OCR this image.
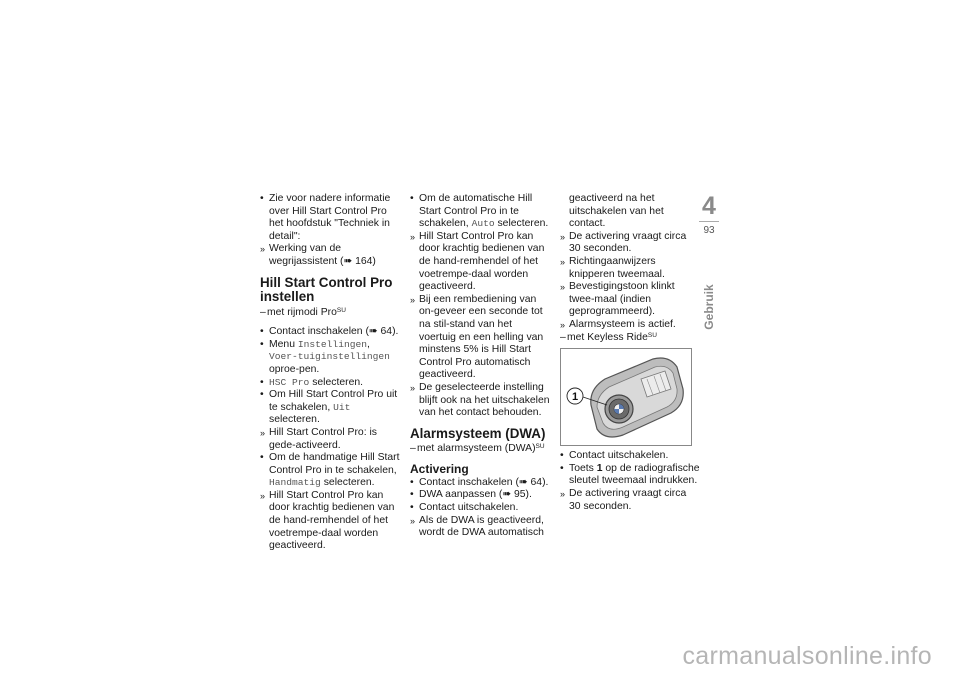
• Zie voor nadere informatie over Hill Start Control Pro het hoofdstuk "Techniek in detail":

» Werking van de wegrijassistent (➠ 164)

Hill Start Control Pro instellen

– met rijmodi Pro$^{SU}$

• Contact inschakelen (➠ 64).

• Menu Instellingen, Voer-tuiginstellingen oproe-pen.

• HSC Pro selecteren.

• Om Hill Start Control Pro uit te schakelen, Uit selecteren.

» Hill Start Control Pro: is gede-activeerd.

• Om de handmatige Hill Start Control Pro in te schakelen, Handmatig selecteren.

» Hill Start Control Pro kan door krachtig bedienen van de hand-remhendel of het voetrempe-daal worden geactiveerd.

• Om de automatische Hill Start Control Pro in te schakelen, Auto selecteren.

» Hill Start Control Pro kan door krachtig bedienen van de hand-remhendel of het voetrempe-daal worden geactiveerd.

» Bij een rembediening van on-geveer een seconde tot na stil-stand van het voertuig en een helling van minstens 5% is Hill Start Control Pro automatisch geactiveerd.

» De geselecteerde instelling blijft ook na het uitschakelen van het contact behouden.

Alarmsysteem (DWA)

– met alarmsysteem (DWA)$^{SU}$

Activering

• Contact inschakelen (➠ 64).

• DWA aanpassen (➠ 95).

• Contact uitschakelen.

» Als de DWA is geactiveerd, wordt de DWA automatisch

geactiveerd na het uitschakelen van het contact.

» De activering vraagt circa 30 seconden.

» Richtingaanwijzers knipperen tweemaal.

» Bevestigingstoon klinkt twee-maal (indien geprogrammeerd).

» Alarmsysteem is actief.

– met Keyless Ride$^{SU}$

1

• Contact uitschakelen.

• Toets 1 op de radiografische sleutel tweemaal indrukken.

» De activering vraagt circa 30 seconden.

4
93
Gebruik
carmanualsonline.info
